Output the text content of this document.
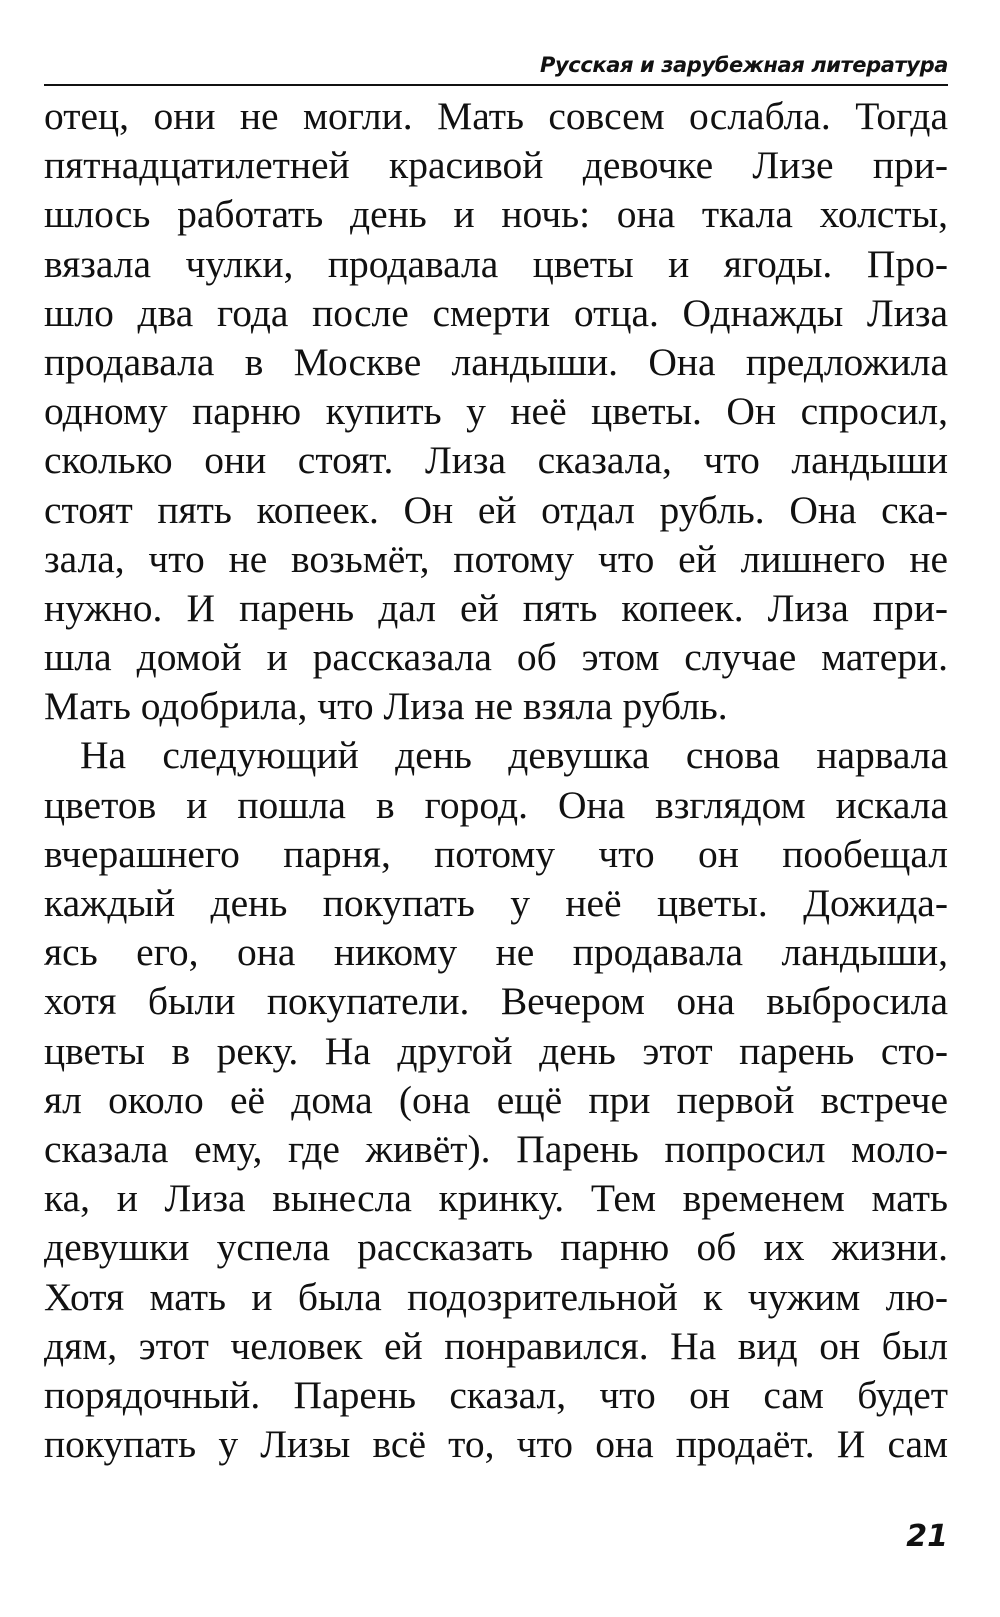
Русская и зарубежная литература

отец, они не могли. Мать совсем ослабла. Тогда
пятнадцатилетней красивой девочке Лизе при-
шлось работать день и ночь: она ткала холсты,
вязала чулки, продавала цветы и ягоды. Про-
шло два года после смерти отца. Однажды Лиза
продавала в Москве ландыши. Она предложила
одному парню купить у неё цветы. Он спросил,
сколько они стоят. Лиза сказала, что ландыши
стоят пять копеек. Он ей отдал рубль. Она ска-
зала, что не возьмёт, потому что ей лишнего не
нужно. И парень дал ей пять копеек. Лиза при-
шла домой и рассказала об этом случае матери.
Мать одобрила, что Лиза не взяла рубль.

На следующий день девушка снова нарвала
цветов и пошла в город. Она взглядом искала
вчерашнего парня, потому что он пообещал
каждый день покупать у неё цветы. Дожида-
ясь его, она никому не продавала ландыши,
хотя были покупатели. Вечером она выбросила
цветы в реку. На другой день этот парень сто-
ял около её дома (она ещё при первой встрече
сказала ему, где живёт). Парень попросил моло-
ка, и Лиза вынесла кринку. Тем временем мать
девушки успела рассказать парню об их жизни.
Хотя мать и была подозрительной к чужим лю-
дям, этот человек ей понравился. На вид он был
порядочный. Парень сказал, что он сам будет
покупать у Лизы всё то, что она продаёт. И сам

21
